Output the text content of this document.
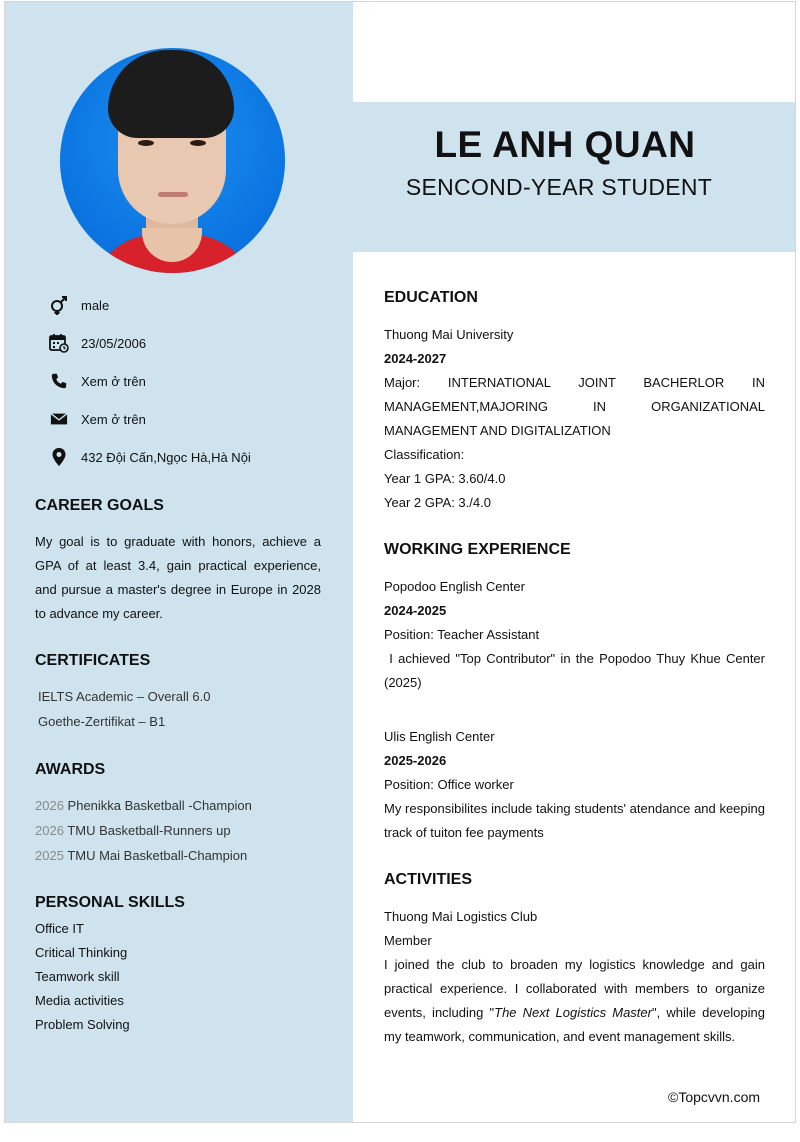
male
23/05/2006
Xem ở trên
Xem ở trên
432 Đội Cấn,Ngọc Hà,Hà Nội
CAREER GOALS
My goal is to graduate with honors, achieve a GPA of at least 3.4, gain practical experience, and pursue a master's degree in Europe in 2028 to advance my career.
CERTIFICATES
IELTS Academic – Overall 6.0
Goethe-Zertifikat – B1
AWARDS
2026 Phenikka Basketball -Champion
2026 TMU Basketball-Runners up
2025 TMU Mai Basketball-Champion
PERSONAL SKILLS
Office IT
Critical Thinking
Teamwork skill
Media activities
Problem Solving
LE ANH QUAN
SENCOND-YEAR STUDENT
EDUCATION
Thuong Mai University
2024-2027
Major: INTERNATIONAL JOINT BACHERLOR IN MANAGEMENT,MAJORING IN ORGANIZATIONAL MANAGEMENT AND DIGITALIZATION
Classification:
Year 1 GPA: 3.60/4.0
Year 2 GPA: 3./4.0
WORKING EXPERIENCE
Popodoo English Center
2024-2025
Position: Teacher Assistant
I achieved "Top Contributor" in the Popodoo Thuy Khue Center (2025)
Ulis English Center
2025-2026
Position: Office worker
My responsibilites include taking students' atendance and keeping track of tuiton fee payments
ACTIVITIES
Thuong Mai Logistics Club
Member
I joined the club to broaden my logistics knowledge and gain practical experience. I collaborated with members to organize events, including "The Next Logistics Master", while developing my teamwork, communication, and event management skills.
©Topcvvn.com
